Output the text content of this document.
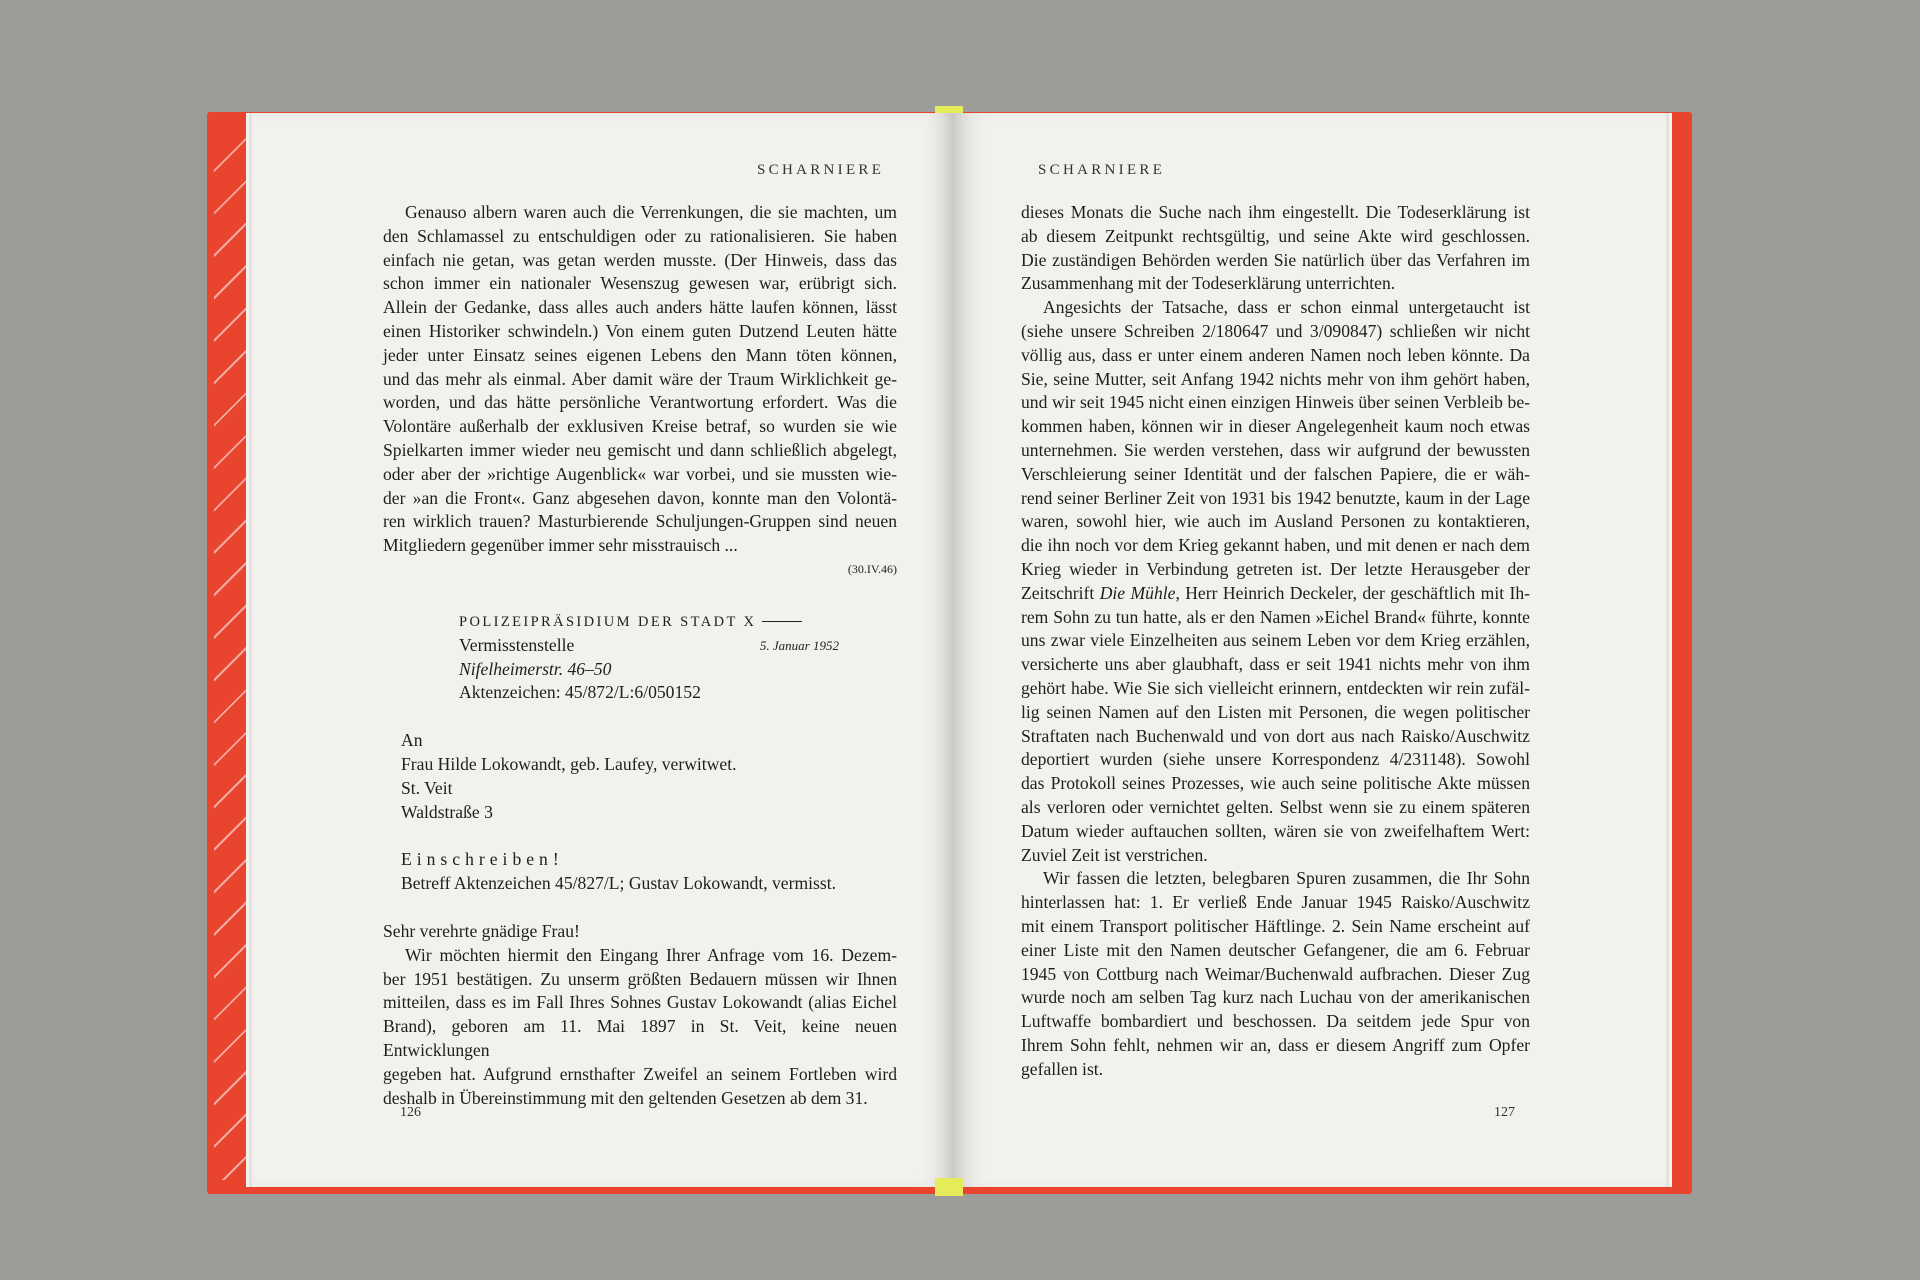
SCHARNIERE	SCHARNIERE

Genauso albern waren auch die Verrenkungen, die sie machten, um

den Schlamassel zu entschuldigen oder zu rationalisieren. Sie haben

einfach nie getan, was getan werden musste. (Der Hinweis, dass das

schon immer ein nationaler Wesenszug gewesen war, erübrigt sich.

Allein der Gedanke, dass alles auch anders hätte laufen können, lässt

einen Historiker schwindeln.) Von einem guten Dutzend Leuten hätte

jeder unter Einsatz seines eigenen Lebens den Mann töten können,

und das mehr als einmal. Aber damit wäre der Traum Wirklichkeit ge-

worden, und das hätte persönliche Verantwortung erfordert. Was die

Volontäre außerhalb der exklusiven Kreise betraf, so wurden sie wie

Spielkarten immer wieder neu gemischt und dann schließlich abgelegt,

oder aber der »richtige Augenblick« war vorbei, und sie mussten wie-

der »an die Front«. Ganz abgesehen davon, konnte man den Volontä-

ren wirklich trauen? Masturbierende Schuljungen-Gruppen sind neuen

Mitgliedern gegenüber immer sehr misstrauisch ...

(30.IV.46)

POLIZEIPRÄSIDIUM DER STADT X
Vermisstenstelle	5. Januar 1952
Nifelheimerstr. 46–50
Aktenzeichen: 45/872/L:6/050152
An
Frau Hilde Lokowandt, geb. Laufey, verwitwet.
St. Veit
Waldstraße 3
Einschreiben!
Betreff Aktenzeichen 45/827/L; Gustav Lokowandt, vermisst.

Sehr verehrte gnädige Frau!

Wir möchten hiermit den Eingang Ihrer Anfrage vom 16. Dezem-

ber 1951 bestätigen. Zu unserm größten Bedauern müssen wir Ihnen

mitteilen, dass es im Fall Ihres Sohnes Gustav Lokowandt (alias Eichel

Brand), geboren am 11. Mai 1897 in St. Veit, keine neuen Entwicklungen

gegeben hat. Aufgrund ernsthafter Zweifel an seinem Fortleben wird

deshalb in Übereinstimmung mit den geltenden Gesetzen ab dem 31.

dieses Monats die Suche nach ihm eingestellt. Die Todeserklärung ist

ab diesem Zeitpunkt rechtsgültig, und seine Akte wird geschlossen.

Die zuständigen Behörden werden Sie natürlich über das Verfahren im

Zusammenhang mit der Todeserklärung unterrichten.

Angesichts der Tatsache, dass er schon einmal untergetaucht ist

(siehe unsere Schreiben 2/180647 und 3/090847) schließen wir nicht

völlig aus, dass er unter einem anderen Namen noch leben könnte. Da

Sie, seine Mutter, seit Anfang 1942 nichts mehr von ihm gehört haben,

und wir seit 1945 nicht einen einzigen Hinweis über seinen Verbleib be-

kommen haben, können wir in dieser Angelegenheit kaum noch etwas

unternehmen. Sie werden verstehen, dass wir aufgrund der bewussten

Verschleierung seiner Identität und der falschen Papiere, die er wäh-

rend seiner Berliner Zeit von 1931 bis 1942 benutzte, kaum in der Lage

waren, sowohl hier, wie auch im Ausland Personen zu kontaktieren,

die ihn noch vor dem Krieg gekannt haben, und mit denen er nach dem

Krieg wieder in Verbindung getreten ist. Der letzte Herausgeber der

Zeitschrift Die Mühle, Herr Heinrich Deckeler, der geschäftlich mit Ih-

rem Sohn zu tun hatte, als er den Namen »Eichel Brand« führte, konnte

uns zwar viele Einzelheiten aus seinem Leben vor dem Krieg erzählen,

versicherte uns aber glaubhaft, dass er seit 1941 nichts mehr von ihm

gehört habe. Wie Sie sich vielleicht erinnern, entdeckten wir rein zufäl-

lig seinen Namen auf den Listen mit Personen, die wegen politischer

Straftaten nach Buchenwald und von dort aus nach Raisko/Auschwitz

deportiert wurden (siehe unsere Korrespondenz 4/231148). Sowohl

das Protokoll seines Prozesses, wie auch seine politische Akte müssen

als verloren oder vernichtet gelten. Selbst wenn sie zu einem späteren

Datum wieder auftauchen sollten, wären sie von zweifelhaftem Wert:

Zuviel Zeit ist verstrichen.

Wir fassen die letzten, belegbaren Spuren zusammen, die Ihr Sohn

hinterlassen hat: 1. Er verließ Ende Januar 1945 Raisko/Auschwitz

mit einem Transport politischer Häftlinge. 2. Sein Name erscheint auf

einer Liste mit den Namen deutscher Gefangener, die am 6. Februar

1945 von Cottburg nach Weimar/Buchenwald aufbrachen. Dieser Zug

wurde noch am selben Tag kurz nach Luchau von der amerikanischen

Luftwaffe bombardiert und beschossen. Da seitdem jede Spur von

Ihrem Sohn fehlt, nehmen wir an, dass er diesem Angriff zum Opfer

gefallen ist.

126	127
